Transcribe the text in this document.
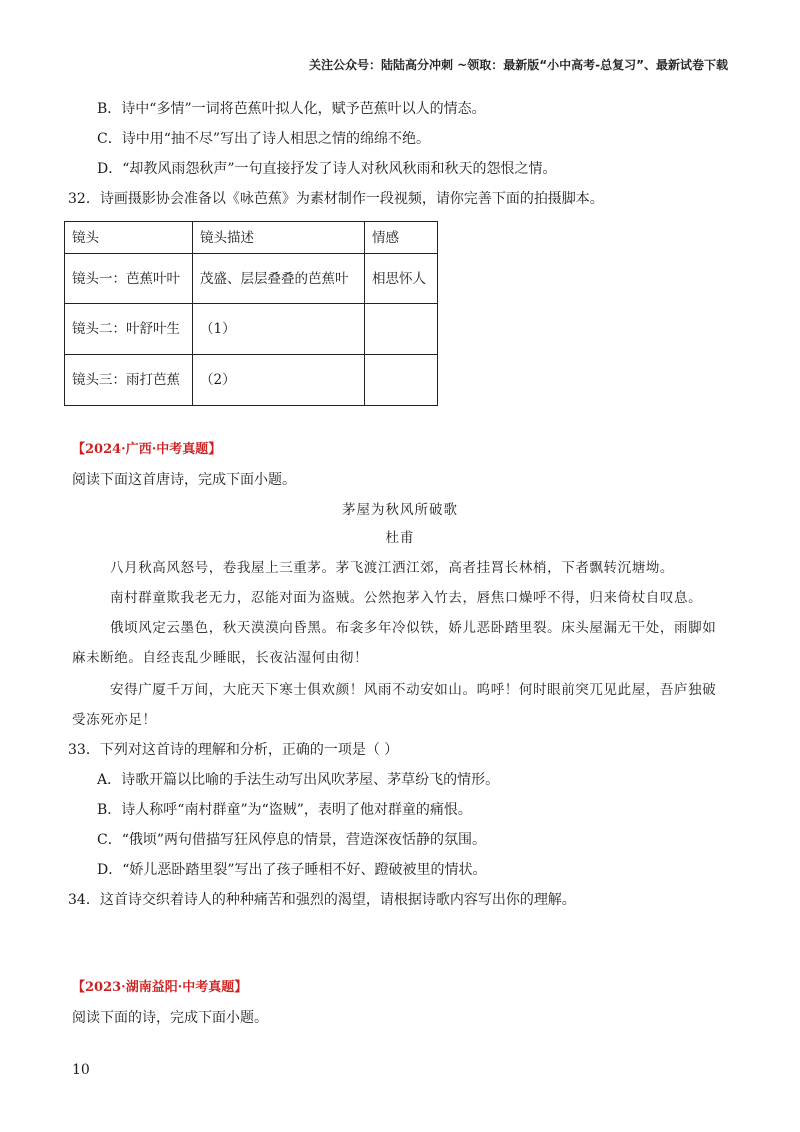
关注公众号：陆陆高分冲刺 ~领取：最新版“小中高考-总复习”、最新试卷下载
B．诗中“多情”一词将芭蕉叶拟人化，赋予芭蕉叶以人的情态。
C．诗中用“抽不尽”写出了诗人相思之情的绵绵不绝。
D．“却教风雨怨秋声”一句直接抒发了诗人对秋风秋雨和秋天的怨恨之情。
32．诗画摄影协会准备以《咏芭蕉》为素材制作一段视频，请你完善下面的拍摄脚本。
镜头	镜头描述	情感
镜头一：芭蕉叶叶	茂盛、层层叠叠的芭蕉叶	相思怀人
镜头二：叶舒叶生	（1）	
镜头三：雨打芭蕉	（2）	
【2024·广西·中考真题】
阅读下面这首唐诗，完成下面小题。
茅屋为秋风所破歌
杜甫
八月秋高风怒号，卷我屋上三重茅。茅飞渡江洒江郊，高者挂罥长林梢，下者飘转沉塘坳。
南村群童欺我老无力，忍能对面为盗贼。公然抱茅入竹去，唇焦口燥呼不得，归来倚杖自叹息。
俄顷风定云墨色，秋天漠漠向昏黑。布衾多年冷似铁，娇儿恶卧踏里裂。床头屋漏无干处，雨脚如
麻未断绝。自经丧乱少睡眠，长夜沾湿何由彻！
安得广厦千万间，大庇天下寒士俱欢颜！风雨不动安如山。呜呼！何时眼前突兀见此屋，吾庐独破
受冻死亦足！
33．下列对这首诗的理解和分析，正确的一项是（ ）
A．诗歌开篇以比喻的手法生动写出风吹茅屋、茅草纷飞的情形。
B．诗人称呼“南村群童”为“盗贼”，表明了他对群童的痛恨。
C．“俄顷”两句借描写狂风停息的情景，营造深夜恬静的氛围。
D．“娇儿恶卧踏里裂”写出了孩子睡相不好、蹬破被里的情状。
34．这首诗交织着诗人的种种痛苦和强烈的渴望，请根据诗歌内容写出你的理解。
【2023·湖南益阳·中考真题】
阅读下面的诗，完成下面小题。
10
